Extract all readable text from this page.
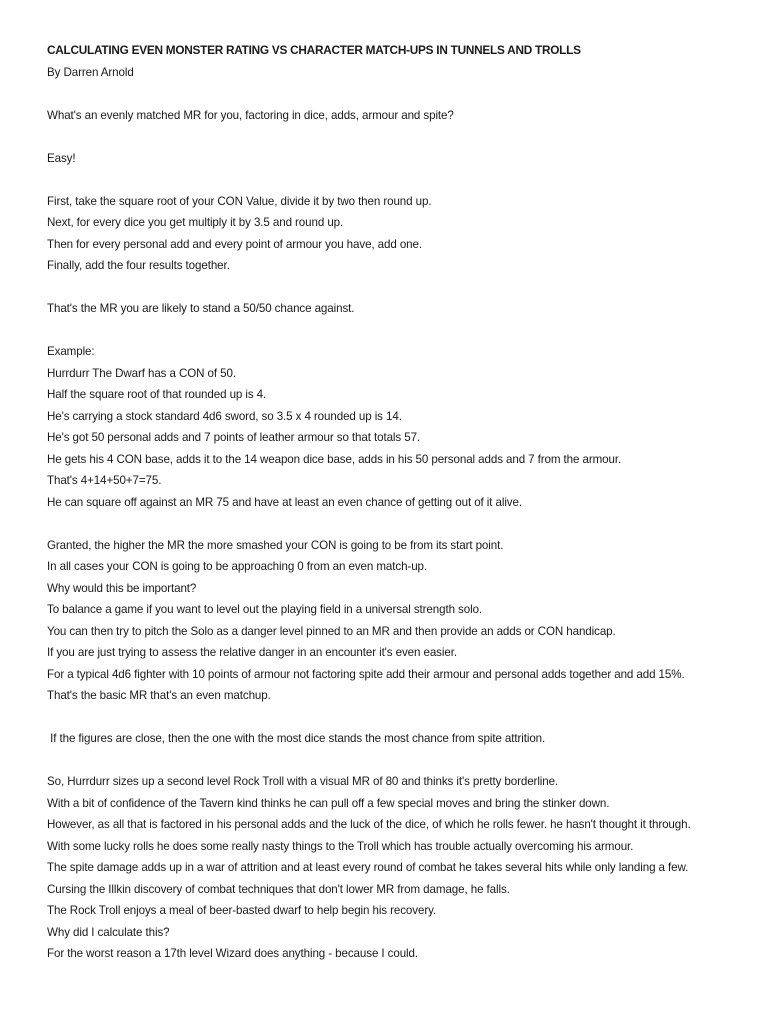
CALCULATING EVEN MONSTER RATING VS CHARACTER MATCH-UPS IN TUNNELS AND TROLLS
By Darren Arnold
What's an evenly matched MR for you, factoring in dice, adds, armour and spite?
Easy!
First, take the square root of your CON Value, divide it by two then round up.
Next, for every dice you get multiply it by 3.5 and round up.
Then for every personal add and every point of armour you have, add one.
Finally, add the four results together.
That's the MR you are likely to stand a 50/50 chance against.
Example:
Hurrdurr The Dwarf has a CON of 50.
Half the square root of that rounded up is 4.
He's carrying a stock standard 4d6 sword, so 3.5 x 4 rounded up is 14.
He's got 50 personal adds and 7 points of leather armour so that totals 57.
He gets his 4 CON base, adds it to the 14 weapon dice base, adds in his 50 personal adds and 7 from the armour.
That's 4+14+50+7=75.
He can square off against an MR 75 and have at least an even chance of getting out of it alive.
Granted, the higher the MR the more smashed your CON is going to be from its start point.
In all cases your CON is going to be approaching 0 from an even match-up.
Why would this be important?
To balance a game if you want to level out the playing field in a universal strength solo.
You can then try to pitch the Solo as a danger level pinned to an MR and then provide an adds or CON handicap.
If you are just trying to assess the relative danger in an encounter it's even easier.
For a typical 4d6 fighter with 10 points of armour not factoring spite add their armour and personal adds together and add 15%.
That's the basic MR that's an even matchup.
If the figures are close, then the one with the most dice stands the most chance from spite attrition.
So, Hurrdurr sizes up a second level Rock Troll with a visual MR of 80 and thinks it's pretty borderline.
With a bit of confidence of the Tavern kind thinks he can pull off a few special moves and bring the stinker down.
However, as all that is factored in his personal adds and the luck of the dice, of which he rolls fewer. he hasn't thought it through.
With some lucky rolls he does some really nasty things to the Troll which has trouble actually overcoming his armour.
The spite damage adds up in a war of attrition and at least every round of combat he takes several hits while only landing a few.
Cursing the Illkin discovery of combat techniques that don't lower MR from damage, he falls.
The Rock Troll enjoys a meal of beer-basted dwarf to help begin his recovery.
Why did I calculate this?
For the worst reason a 17th level Wizard does anything - because I could.
